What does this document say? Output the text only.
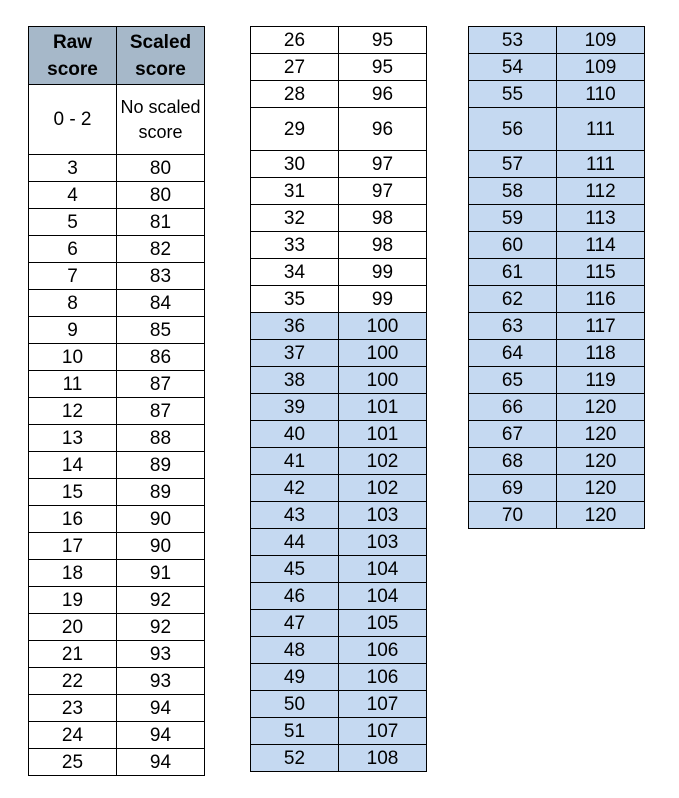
Raw score	Scaled score
0 - 2	No scaled score
3	80
4	80
5	81
6	82
7	83
8	84
9	85
10	86
11	87
12	87
13	88
14	89
15	89
16	90
17	90
18	91
19	92
20	92
21	93
22	93
23	94
24	94
25	94
26	95
27	95
28	96
29	96
30	97
31	97
32	98
33	98
34	99
35	99
36	100
37	100
38	100
39	101
40	101
41	102
42	102
43	103
44	103
45	104
46	104
47	105
48	106
49	106
50	107
51	107
52	108
53	109
54	109
55	110
56	111
57	111
58	112
59	113
60	114
61	115
62	116
63	117
64	118
65	119
66	120
67	120
68	120
69	120
70	120
